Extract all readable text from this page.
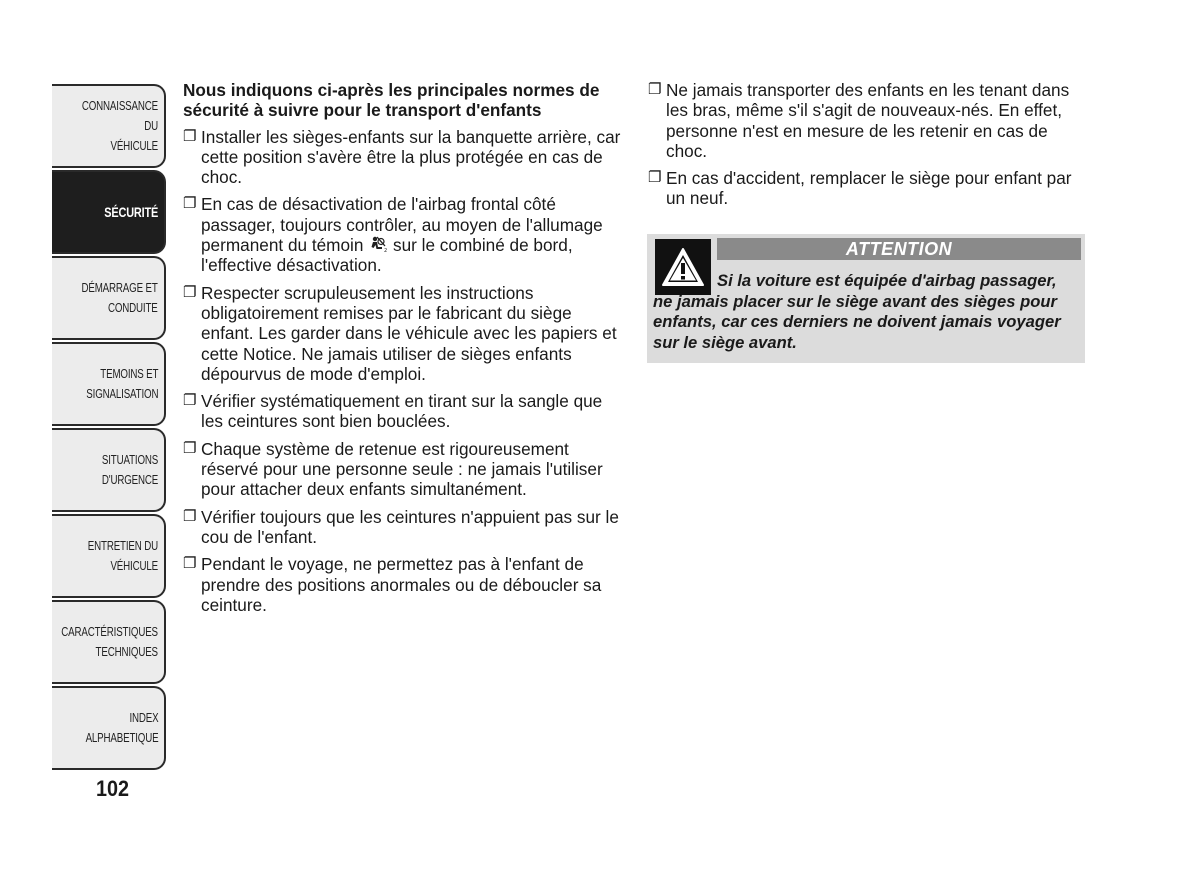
CONNAISSANCE DU
VÉHICULE
SÉCURITÉ
DÉMARRAGE ET
CONDUITE
TEMOINS ET
SIGNALISATION
SITUATIONS
D'URGENCE
ENTRETIEN DU
VÉHICULE
CARACTÉRISTIQUES
TECHNIQUES
INDEX
ALPHABETIQUE
102

Nous indiquons ci-après les principales normes de sécurité à suivre pour le transport d'enfants

❐ Installer les sièges-enfants sur la banquette arrière, car cette position s'avère être la plus protégée en cas de choc.
❐ En cas de désactivation de l'airbag frontal côté passager, toujours contrôler, au moyen de l'allumage permanent du témoin	2 sur le combiné de bord, l'effective désactivation.
❐ Respecter scrupuleusement les instructions obligatoirement remises par le fabricant du siège enfant. Les garder dans le véhicule avec les papiers et cette Notice. Ne jamais utiliser de sièges enfants dépourvus de mode d'emploi.
❐ Vérifier systématiquement en tirant sur la sangle que les ceintures sont bien bouclées.
❐ Chaque système de retenue est rigoureusement réservé pour une personne seule : ne jamais l'utiliser pour attacher deux enfants simultanément.
❐ Vérifier toujours que les ceintures n'appuient pas sur le cou de l'enfant.
❐ Pendant le voyage, ne permettez pas à l'enfant de prendre des positions anormales ou de déboucler sa ceinture.
❐ Ne jamais transporter des enfants en les tenant dans les bras, même s'il s'agit de nouveaux-nés. En effet, personne n'est en mesure de les retenir en cas de choc.
❐ En cas d'accident, remplacer le siège pour enfant par un neuf.
ATTENTION

Si la voiture est équipée d'airbag passager, ne jamais placer sur le siège avant des sièges pour enfants, car ces derniers ne doivent jamais voyager sur le siège avant.
